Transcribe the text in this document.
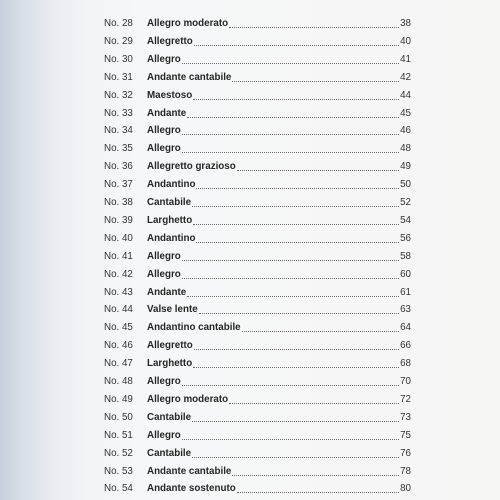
No. 28 Allegro moderato	38
No. 29 Allegretto	40
No. 30 Allegro	41
No. 31 Andante cantabile	42
No. 32 Maestoso	44
No. 33 Andante	45
No. 34 Allegro	46
No. 35 Allegro	48
No. 36 Allegretto grazioso	49
No. 37 Andantino	50
No. 38 Cantabile	52
No. 39 Larghetto	54
No. 40 Andantino	56
No. 41 Allegro	58
No. 42 Allegro	60
No. 43 Andante	61
No. 44 Valse lente	63
No. 45 Andantino cantabile	64
No. 46 Allegretto	66
No. 47 Larghetto	68
No. 48 Allegro	70
No. 49 Allegro moderato	72
No. 50 Cantabile	73
No. 51 Allegro	75
No. 52 Cantabile	76
No. 53 Andante cantabile	78
No. 54 Andante sostenuto	80
